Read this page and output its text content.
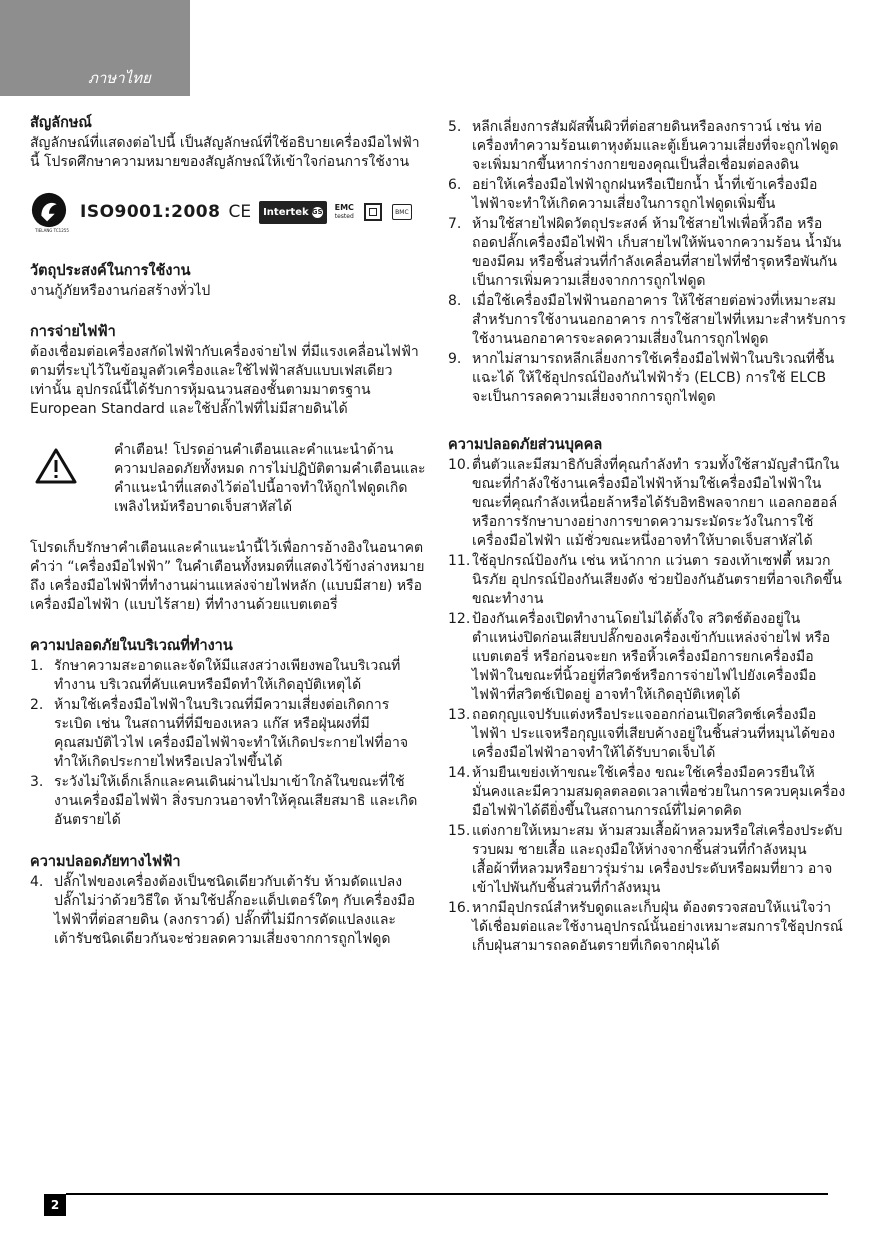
ภาษาไทย
สัญลักษณ์

สัญลักษณ์ที่แสดงต่อไปนี้ เป็นสัญลักษณ์ที่ใช้อธิบายเครื่องมือไฟฟ้านี้ โปรดศึกษาความหมายของสัญลักษณ์ให้เข้าใจก่อนการใช้งาน

TIELANG TC1255
ISO9001:2008 CE Intertek GS EMC
tested
BMC
วัตถุประสงค์ในการใช้งาน

งานกู้ภัยหรืองานก่อสร้างทั่วไป

การจ่ายไฟฟ้า

ต้องเชื่อมต่อเครื่องสกัดไฟฟ้ากับเครื่องจ่ายไฟ ที่มีแรงเคลื่อนไฟฟ้าตามที่ระบุไว้ในข้อมูลตัวเครื่องและใช้ไฟฟ้าสลับแบบเฟสเดียวเท่านั้น อุปกรณ์นี้ได้รับการหุ้มฉนวนสองชั้นตามมาตรฐาน European Standard และใช้ปลั๊กไฟที่ไม่มีสายดินได้

คำเตือน! โปรดอ่านคำเตือนและคำแนะนำด้านความปลอดภัยทั้งหมด การไม่ปฏิบัติตามคำเตือนและคำแนะนำที่แสดงไว้ต่อไปนี้อาจทำให้ถูกไฟดูดเกิดเพลิงไหม้หรือบาดเจ็บสาหัสได้

โปรดเก็บรักษาคำเตือนและคำแนะนำนี้ไว้เพื่อการอ้างอิงในอนาคต คำว่า “เครื่องมือไฟฟ้า” ในคำเตือนทั้งหมดที่แสดงไว้ข้างล่างหมายถึง เครื่องมือไฟฟ้าที่ทำงานผ่านแหล่งจ่ายไฟหลัก (แบบมีสาย) หรือเครื่องมือไฟฟ้า (แบบไร้สาย) ที่ทำงานด้วยแบตเตอรี่

ความปลอดภัยในบริเวณที่ทำงาน
1. รักษาความสะอาดและจัดให้มีแสงสว่างเพียงพอในบริเวณที่ทำงาน บริเวณที่คับแคบหรือมืดทำให้เกิดอุบัติเหตุได้
2. ห้ามใช้เครื่องมือไฟฟ้าในบริเวณที่มีความเสี่ยงต่อเกิดการระเบิด เช่น ในสถานที่ที่มีของเหลว แก๊ส หรือฝุ่นผงที่มีคุณสมบัติไวไฟ เครื่องมือไฟฟ้าจะทำให้เกิดประกายไฟที่อาจทำให้เกิดประกายไฟหรือเปลวไฟขึ้นได้
3. ระวังไม่ให้เด็กเล็กและคนเดินผ่านไปมาเข้าใกล้ในขณะที่ใช้งานเครื่องมือไฟฟ้า สิ่งรบกวนอาจทำให้คุณเสียสมาธิ และเกิดอันตรายได้
ความปลอดภัยทางไฟฟ้า
4. ปลั๊กไฟของเครื่องต้องเป็นชนิดเดียวกับเต้ารับ ห้ามดัดแปลงปลั๊กไม่ว่าด้วยวิธีใด ห้ามใช้ปลั๊กอะแด็ปเตอร์ใดๆ กับเครื่องมือไฟฟ้าที่ต่อสายดิน (ลงกราวด์) ปลั๊กที่ไม่มีการดัดแปลงและเต้ารับชนิดเดียวกันจะช่วยลดความเสี่ยงจากการถูกไฟดูด
5. หลีกเลี่ยงการสัมผัสพื้นผิวที่ต่อสายดินหรือลงกราวน์ เช่น ท่อ เครื่องทำความร้อนเตาหุงต้มและตู้เย็นความเสี่ยงที่จะถูกไฟดูดจะเพิ่มมากขึ้นหากร่างกายของคุณเป็นสื่อเชื่อมต่อลงดิน
6. อย่าให้เครื่องมือไฟฟ้าถูกฝนหรือเปียกน้ำ น้ำที่เข้าเครื่องมือไฟฟ้าจะทำให้เกิดความเสี่ยงในการถูกไฟดูดเพิ่มขึ้น
7. ห้ามใช้สายไฟผิดวัตถุประสงค์ ห้ามใช้สายไฟเพื่อหิ้วถือ หรือถอดปลั๊กเครื่องมือไฟฟ้า เก็บสายไฟให้พ้นจากความร้อน น้ำมัน ของมีคม หรือชิ้นส่วนที่กำลังเคลื่อนที่สายไฟที่ชำรุดหรือพันกันเป็นการเพิ่มความเสี่ยงจากการถูกไฟดูด
8. เมื่อใช้เครื่องมือไฟฟ้านอกอาคาร ให้ใช้สายต่อพ่วงที่เหมาะสมสำหรับการใช้งานนอกอาคาร การใช้สายไฟที่เหมาะสำหรับการใช้งานนอกอาคารจะลดความเสี่ยงในการถูกไฟดูด
9. หากไม่สามารถหลีกเลี่ยงการใช้เครื่องมือไฟฟ้าในบริเวณที่ชื้นแฉะได้ ให้ใช้อุปกรณ์ป้องกันไฟฟ้ารั่ว (ELCB) การใช้ ELCB จะเป็นการลดความเสี่ยงจากการถูกไฟดูด
ความปลอดภัยส่วนบุคคล
10. ตื่นตัวและมีสมาธิกับสิ่งที่คุณกำลังทำ รวมทั้งใช้สามัญสำนึกในขณะที่กำลังใช้งานเครื่องมือไฟฟ้าห้ามใช้เครื่องมือไฟฟ้าในขณะที่คุณกำลังเหนื่อยล้าหรือได้รับอิทธิพลจากยา แอลกอฮอล์ หรือการรักษาบางอย่างการขาดความระมัดระวังในการใช้เครื่องมือไฟฟ้า แม้ชั่วขณะหนึ่งอาจทำให้บาดเจ็บสาหัสได้
11. ใช้อุปกรณ์ป้องกัน เช่น หน้ากาก แว่นตา รองเท้าเซฟตี้ หมวกนิรภัย อุปกรณ์ป้องกันเสียงดัง ช่วยป้องกันอันตรายที่อาจเกิดขึ้นขณะทำงาน
12. ป้องกันเครื่องเปิดทำงานโดยไม่ได้ตั้งใจ สวิตช์ต้องอยู่ในตำแหน่งปิดก่อนเสียบปลั๊กของเครื่องเข้ากับแหล่งจ่ายไฟ หรือแบตเตอรี่ หรือก่อนจะยก หรือหิ้วเครื่องมือการยกเครื่องมือไฟฟ้าในขณะที่นิ้วอยู่ที่สวิตช์หรือการจ่ายไฟไปยังเครื่องมือไฟฟ้าที่สวิตช์เปิดอยู่ อาจทำให้เกิดอุบัติเหตุได้
13. ถอดกุญแจปรับแต่งหรือประแจออกก่อนเปิดสวิตช์เครื่องมือไฟฟ้า ประแจหรือกุญแจที่เสียบค้างอยู่ในชิ้นส่วนที่หมุนได้ของเครื่องมือไฟฟ้าอาจทำให้ได้รับบาดเจ็บได้
14. ห้ามยืนเขย่งเท้าขณะใช้เครื่อง ขณะใช้เครื่องมือควรยืนให้มั่นคงและมีความสมดุลตลอดเวลาเพื่อช่วยในการควบคุมเครื่องมือไฟฟ้าได้ดียิ่งขึ้นในสถานการณ์ที่ไม่คาดคิด
15. แต่งกายให้เหมาะสม ห้ามสวมเสื้อผ้าหลวมหรือใส่เครื่องประดับ รวบผม ชายเสื้อ และถุงมือให้ห่างจากชิ้นส่วนที่กำลังหมุน เสื้อผ้าที่หลวมหรือยาวรุ่มร่าม เครื่องประดับหรือผมที่ยาว อาจเข้าไปพันกับชิ้นส่วนที่กำลังหมุน
16. หากมีอุปกรณ์สำหรับดูดและเก็บฝุ่น ต้องตรวจสอบให้แน่ใจว่าได้เชื่อมต่อและใช้งานอุปกรณ์นั้นอย่างเหมาะสมการใช้อุปกรณ์เก็บฝุ่นสามารถลดอันตรายที่เกิดจากฝุ่นได้
2
